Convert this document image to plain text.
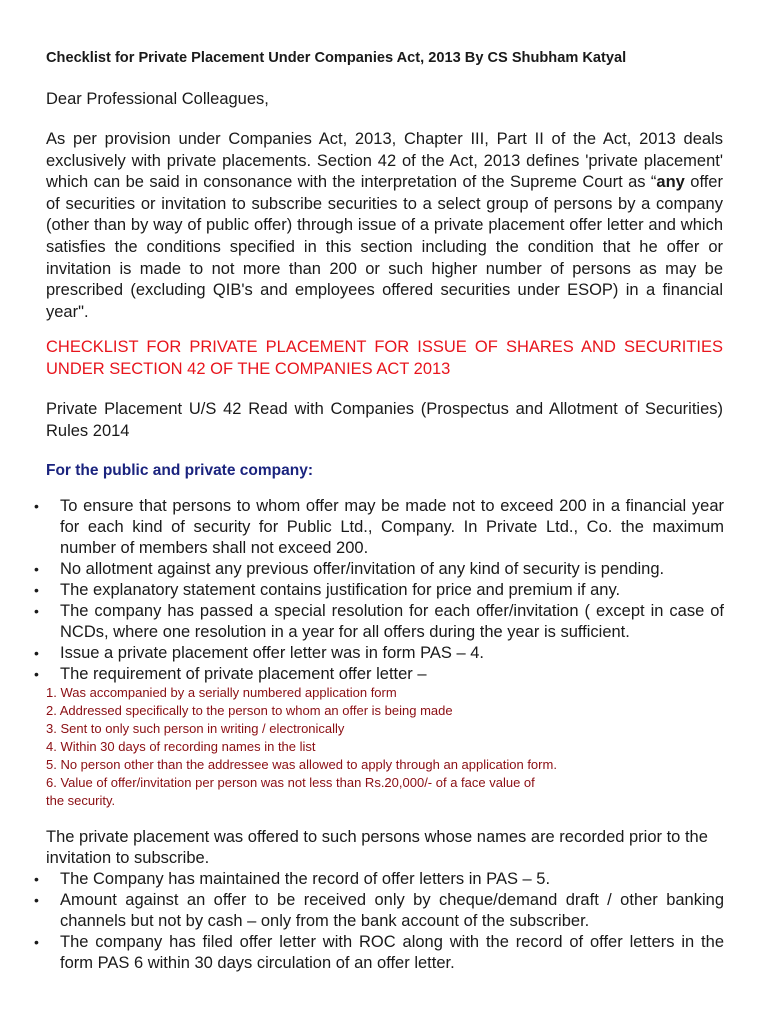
Checklist for Private Placement Under Companies Act, 2013 By CS Shubham Katyal
Dear Professional Colleagues,
As per provision under Companies Act, 2013, Chapter III, Part II of the Act, 2013 deals exclusively with private placements. Section 42 of the Act, 2013 defines 'private placement' which can be said in consonance with the interpretation of the Supreme Court as “any offer of securities or invitation to subscribe securities to a select group of persons by a company (other than by way of public offer) through issue of a private placement offer letter and which satisfies the conditions specified in this section including the condition that he offer or invitation is made to not more than 200 or such higher number of persons as may be prescribed (excluding QIB's and employees offered securities under ESOP) in a financial year".
CHECKLIST FOR PRIVATE PLACEMENT FOR ISSUE OF SHARES AND SECURITIES UNDER SECTION 42 OF THE COMPANIES ACT 2013
Private Placement U/S 42 Read with Companies (Prospectus and Allotment of Securities) Rules 2014
For the public and private company:
• To ensure that persons to whom offer may be made not to exceed 200 in a financial year for each kind of security for Public Ltd., Company. In Private Ltd., Co. the maximum number of members shall not exceed 200.
• No allotment against any previous offer/invitation of any kind of security is pending.
• The explanatory statement contains justification for price and premium if any.
• The company has passed a special resolution for each offer/invitation ( except in case of NCDs, where one resolution in a year for all offers during the year is sufficient.
• Issue a private placement offer letter was in form PAS – 4.
• The requirement of private placement offer letter –
1. Was accompanied by a serially numbered application form
2. Addressed specifically to the person to whom an offer is being made
3. Sent to only such person in writing / electronically
4. Within 30 days of recording names in the list
5. No person other than the addressee was allowed to apply through an application form.
6. Value of offer/invitation per person was not less than Rs.20,000/- of a face value of
the security.
The private placement was offered to such persons whose names are recorded prior to the invitation to subscribe.
• The Company has maintained the record of offer letters in PAS – 5.
• Amount against an offer to be received only by cheque/demand draft / other banking channels but not by cash – only from the bank account of the subscriber.
• The company has filed offer letter with ROC along with the record of offer letters in the form PAS 6 within 30 days circulation of an offer letter.
